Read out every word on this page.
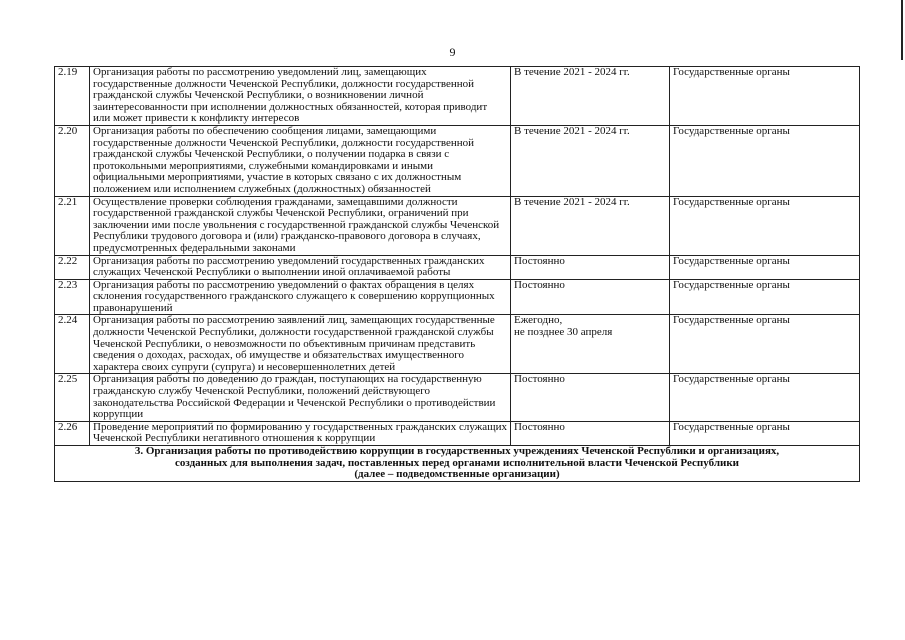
9
2.19	Организация работы по рассмотрению уведомлений лиц, замещающих государственные должности Чеченской Республики, должности государственной гражданской службы Чеченской Республики, о возникновении личной заинтересованности при исполнении должностных обязанностей, которая приводит или может привести к конфликту интересов	В течение 2021 - 2024 гг.	Государственные органы
2.20	Организация работы по обеспечению сообщения лицами, замещающими государственные должности Чеченской Республики, должности государственной гражданской службы Чеченской Республики, о получении подарка в связи с протокольными мероприятиями, служебными командировками и иными официальными мероприятиями, участие в которых связано с их должностным положением или исполнением служебных (должностных) обязанностей	В течение 2021 - 2024 гг.	Государственные органы
2.21	Осуществление проверки соблюдения гражданами, замещавшими должности государственной гражданской службы Чеченской Республики, ограничений при заключении ими после увольнения с государственной гражданской службы Чеченской Республики трудового договора и (или) гражданско-правового договора в случаях, предусмотренных федеральными законами	В течение 2021 - 2024 гг.	Государственные органы
2.22	Организация работы по рассмотрению уведомлений государственных гражданских служащих Чеченской Республики о выполнении иной оплачиваемой работы	Постоянно	Государственные органы
2.23	Организация работы по рассмотрению уведомлений о фактах обращения в целях склонения государственного гражданского служащего к совершению коррупционных правонарушений	Постоянно	Государственные органы
2.24	Организация работы по рассмотрению заявлений лиц, замещающих государственные должности Чеченской Республики, должности государственной гражданской службы Чеченской Республики, о невозможности по объективным причинам представить сведения о доходах, расходах, об имуществе и обязательствах имущественного характера своих супруги (супруга) и несовершеннолетних детей	Ежегодно,
не позднее 30 апреля	Государственные органы
2.25	Организация работы по доведению до граждан, поступающих на государственную гражданскую службу Чеченской Республики, положений действующего законодательства Российской Федерации и Чеченской Республики о противодействии коррупции	Постоянно	Государственные органы
2.26	Проведение мероприятий по формированию у государственных гражданских служащих Чеченской Республики негативного отношения к коррупции	Постоянно	Государственные органы

3. Организация работы по противодействию коррупции в государственных учреждениях Чеченской Республики и организациях,
созданных для выполнения задач, поставленных перед органами исполнительной власти Чеченской Республики
(далее – подведомственные организации)			
